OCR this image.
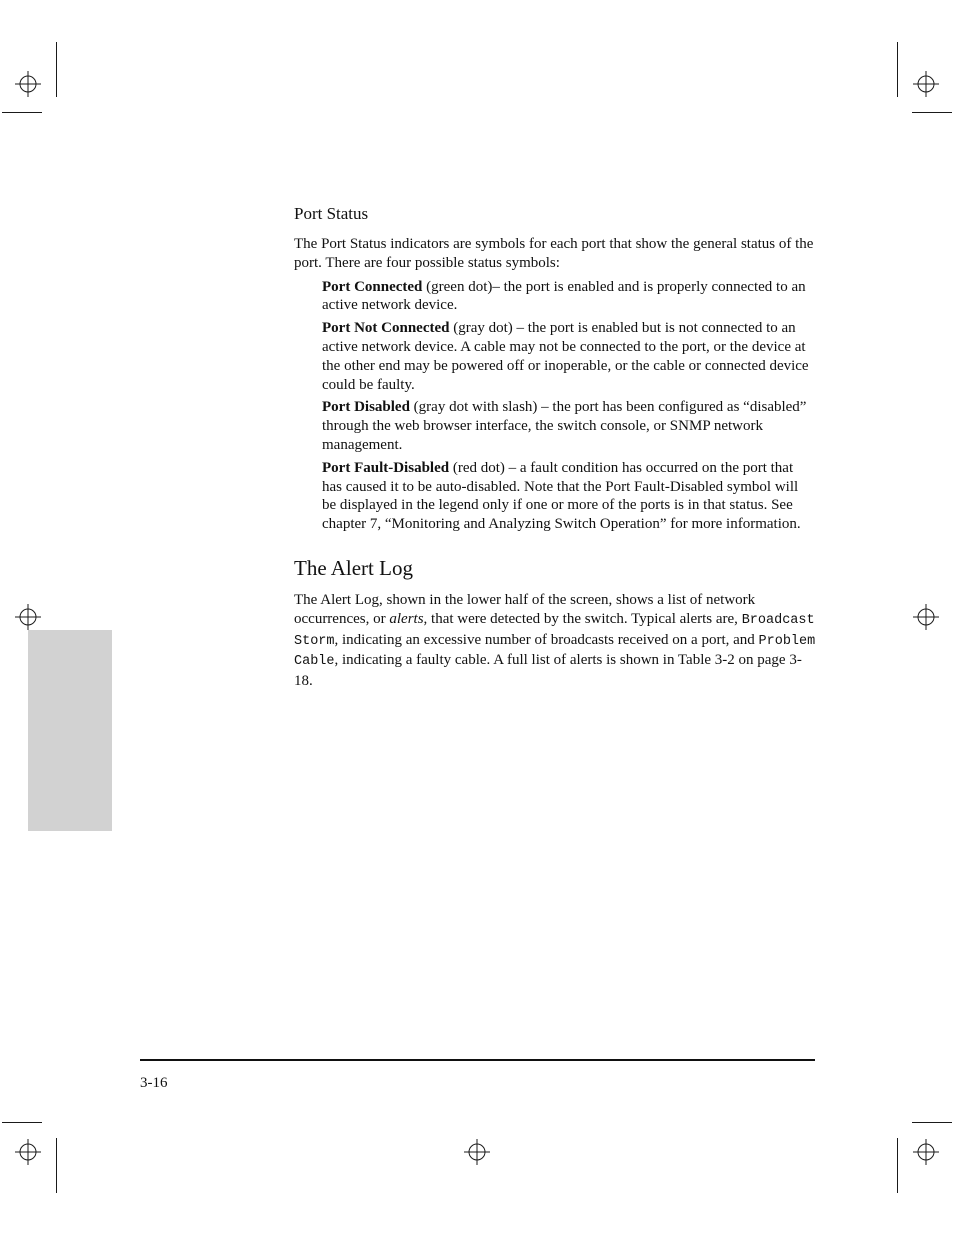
Port Status

The Port Status indicators are symbols for each port that show the general status of the port. There are four possible status symbols:

Port Connected (green dot)– the port is enabled and is properly connected to an active network device.

Port Not Connected (gray dot) – the port is enabled but is not connected to an active network device. A cable may not be connected to the port, or the device at the other end may be powered off or inoperable, or the cable or connected device could be faulty.

Port Disabled (gray dot with slash) – the port has been configured as “disabled” through the web browser interface, the switch console, or SNMP network management.

Port Fault-Disabled (red dot) – a fault condition has occurred on the port that has caused it to be auto-disabled. Note that the Port Fault-Disabled symbol will be displayed in the legend only if one or more of the ports is in that status. See chapter 7, “Monitoring and Analyzing Switch Operation” for more information.

The Alert Log

The Alert Log, shown in the lower half of the screen, shows a list of network occurrences, or alerts, that were detected by the switch. Typical alerts are, Broadcast Storm, indicating an excessive number of broadcasts received on a port, and Problem Cable, indicating a faulty cable. A full list of alerts is shown in Table 3-2 on page 3-18.

3-16
